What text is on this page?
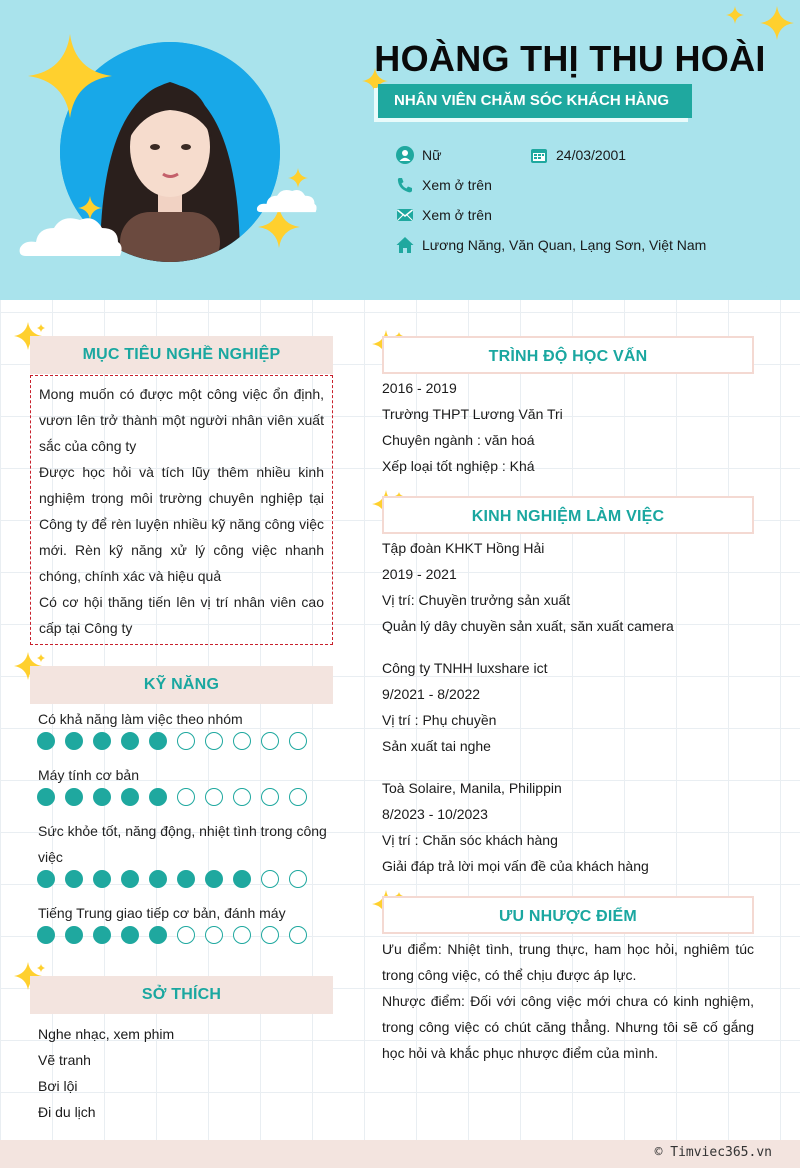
HOÀNG THỊ THU HOÀI
NHÂN VIÊN CHĂM SÓC KHÁCH HÀNG
Nữ	24/03/2001
Xem ở trên
Xem ở trên
Lương Năng, Văn Quan, Lạng Sơn, Việt Nam
MỤC TIÊU NGHỀ NGHIỆP
Mong muốn có được một công việc ổn định, vươn lên trở thành một người nhân viên xuất sắc của công ty
Được học hỏi và tích lũy thêm nhiều kinh nghiệm trong môi trường chuyên nghiệp tại Công ty để rèn luyện nhiều kỹ năng công việc mới. Rèn kỹ năng xử lý công việc nhanh chóng, chính xác và hiệu quả
Có cơ hội thăng tiến lên vị trí nhân viên cao cấp tại Công ty
KỸ NĂNG
Có khả năng làm việc theo nhóm
Máy tính cơ bản
Sức khỏe tốt, năng động, nhiệt tình trong công việc
Tiếng Trung giao tiếp cơ bản, đánh máy
SỞ THÍCH
Nghe nhạc, xem phim
Vẽ tranh
Bơi lội
Đi du lịch
TRÌNH ĐỘ HỌC VẤN
2016 - 2019
Trường THPT Lương Văn Tri
Chuyên ngành : văn hoá
Xếp loại tốt nghiệp : Khá
KINH NGHIỆM LÀM VIỆC
Tập đoàn KHKT Hồng Hải
2019 - 2021
Vị trí: Chuyền trưởng sản xuất
Quản lý dây chuyền sản xuất, săn xuất camera
Công ty TNHH luxshare ict
9/2021 - 8/2022
Vị trí : Phụ chuyền
Sản xuất tai nghe
Toà Solaire, Manila, Philippin
8/2023 - 10/2023
Vị trí : Chăn sóc khách hàng
Giải đáp trả lời mọi vấn đề của khách hàng
ƯU NHƯỢC ĐIỂM
Ưu điểm: Nhiệt tình, trung thực, ham học hỏi, nghiêm túc trong công việc, có thể chịu được áp lực.
Nhược điểm: Đối với công việc mới chưa có kinh nghiệm, trong công việc có chút căng thẳng. Nhưng tôi sẽ cố gắng học hỏi và khắc phục nhược điểm của mình.
© Timviec365.vn
